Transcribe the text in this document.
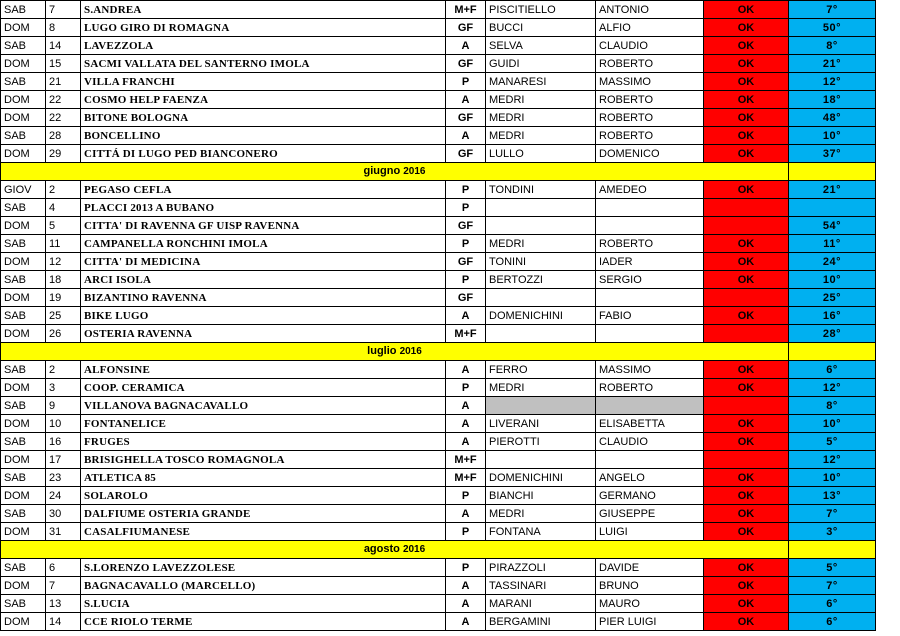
SAB	7	S.ANDREA	M+F	PISCITIELLO	ANTONIO	OK	7°
DOM	8	LUGO GIRO DI ROMAGNA	GF	BUCCI	ALFIO	OK	50°
SAB	14	LAVEZZOLA	A	SELVA	CLAUDIO	OK	8°
DOM	15	SACMI VALLATA DEL SANTERNO IMOLA	GF	GUIDI	ROBERTO	OK	21°
SAB	21	VILLA FRANCHI	P	MANARESI	MASSIMO	OK	12°
DOM	22	COSMO HELP FAENZA	A	MEDRI	ROBERTO	OK	18°
DOM	22	BITONE BOLOGNA	GF	MEDRI	ROBERTO	OK	48°
SAB	28	BONCELLINO	A	MEDRI	ROBERTO	OK	10°
DOM	29	CITTÁ DI LUGO PED BIANCONERO	GF	LULLO	DOMENICO	OK	37°
giugno 2016							
GIOV	2	PEGASO CEFLA	P	TONDINI	AMEDEO	OK	21°
SAB	4	PLACCI 2013 A BUBANO	P				
DOM	5	CITTA' DI RAVENNA GF UISP RAVENNA	GF				54°
SAB	11	CAMPANELLA RONCHINI IMOLA	P	MEDRI	ROBERTO	OK	11°
DOM	12	CITTA' DI MEDICINA	GF	TONINI	IADER	OK	24°
SAB	18	ARCI ISOLA	P	BERTOZZI	SERGIO	OK	10°
DOM	19	BIZANTINO RAVENNA	GF				25°
SAB	25	BIKE LUGO	A	DOMENICHINI	FABIO	OK	16°
DOM	26	OSTERIA RAVENNA	M+F				28°
luglio 2016							
SAB	2	ALFONSINE	A	FERRO	MASSIMO	OK	6°
DOM	3	COOP. CERAMICA	P	MEDRI	ROBERTO	OK	12°
SAB	9	VILLANOVA BAGNACAVALLO	A				8°
DOM	10	FONTANELICE	A	LIVERANI	ELISABETTA	OK	10°
SAB	16	FRUGES	A	PIEROTTI	CLAUDIO	OK	5°
DOM	17	BRISIGHELLA TOSCO ROMAGNOLA	M+F				12°
SAB	23	ATLETICA 85	M+F	DOMENICHINI	ANGELO	OK	10°
DOM	24	SOLAROLO	P	BIANCHI	GERMANO	OK	13°
SAB	30	DALFIUME OSTERIA GRANDE	A	MEDRI	GIUSEPPE	OK	7°
DOM	31	CASALFIUMANESE	P	FONTANA	LUIGI	OK	3°
agosto 2016							
SAB	6	S.LORENZO LAVEZZOLESE	P	PIRAZZOLI	DAVIDE	OK	5°
DOM	7	BAGNACAVALLO (MARCELLO)	A	TASSINARI	BRUNO	OK	7°
SAB	13	S.LUCIA	A	MARANI	MAURO	OK	6°
DOM	14	CCE RIOLO TERME	A	BERGAMINI	PIER LUIGI	OK	6°
